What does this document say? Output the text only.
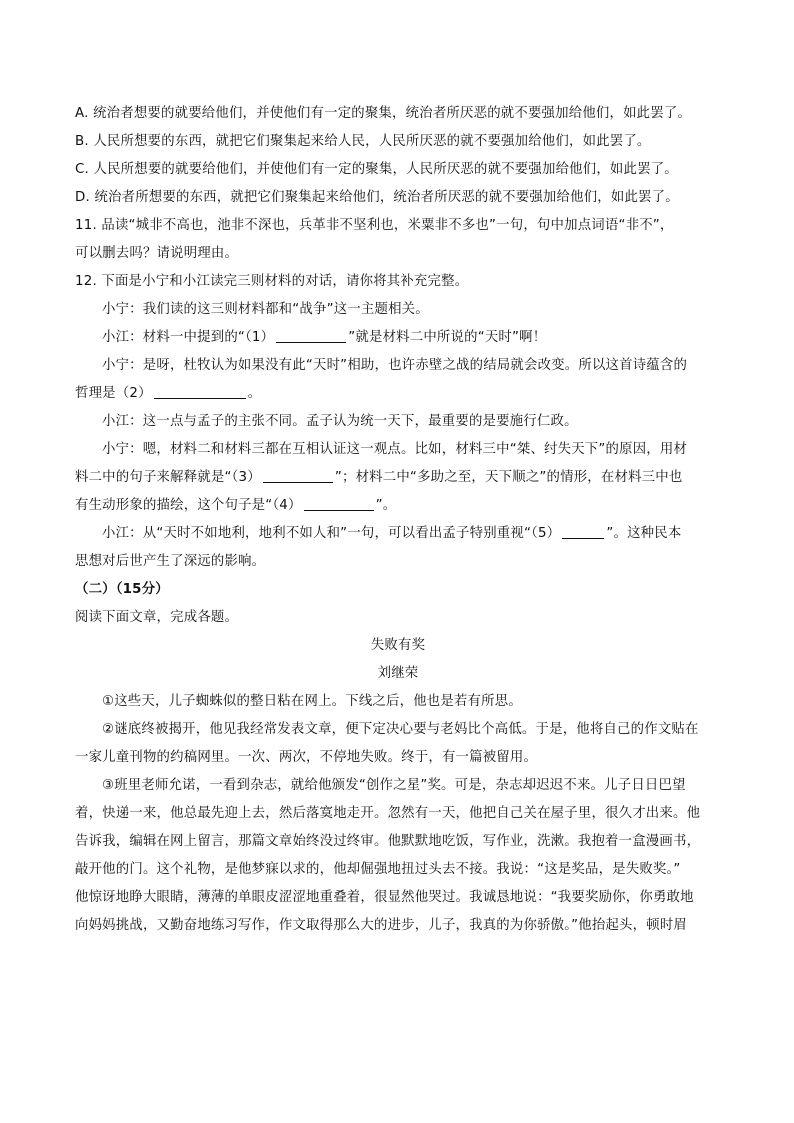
A. 统治者想要的就要给他们，并使他们有一定的聚集，统治者所厌恶的就不要强加给他们，如此罢了。
B. 人民所想要的东西，就把它们聚集起来给人民，人民所厌恶的就不要强加给他们，如此罢了。
C. 人民所想要的就要给他们，并使他们有一定的聚集，人民所厌恶的就不要强加给他们，如此罢了。
D. 统治者所想要的东西，就把它们聚集起来给他们，统治者所厌恶的就不要强加给他们，如此罢了。
11. 品读“城非不高也，池非不深也，兵革非不坚利也，米粟非不多也”一句，句中加点词语“非不”，
可以删去吗？请说明理由。
12. 下面是小宁和小江读完三则材料的对话，请你将其补充完整。
小宁：我们读的这三则材料都和“战争”这一主题相关。
小江：材料一中提到的“（1）	”就是材料二中所说的“天时”啊！
小宁：是呀，杜牧认为如果没有此“天时”相助，也许赤壁之战的结局就会改变。所以这首诗蕴含的
哲理是（2）	。
小江：这一点与孟子的主张不同。孟子认为统一天下，最重要的是要施行仁政。
小宁：嗯，材料二和材料三都在互相认证这一观点。比如，材料三中“桀、纣失天下”的原因，用材
料二中的句子来解释就是“（3）	”；材料二中“多助之至，天下顺之”的情形，在材料三中也
有生动形象的描绘，这个句子是“（4）	”。
小江：从“天时不如地利，地利不如人和”一句，可以看出孟子特别重视“（5）	”。这种民本
思想对后世产生了深远的影响。
（二）（15分）
阅读下面文章，完成各题。
失败有奖
刘继荣
①这些天，儿子蜘蛛似的整日粘在网上。下线之后，他也是若有所思。
②谜底终被揭开，他见我经常发表文章，便下定决心要与老妈比个高低。于是，他将自己的作文贴在
一家儿童刊物的约稿网里。一次、两次，不停地失败。终于，有一篇被留用。
③班里老师允诺，一看到杂志，就给他颁发“创作之星”奖。可是，杂志却迟迟不来。儿子日日巴望
着，快递一来，他总最先迎上去，然后落寞地走开。忽然有一天，他把自己关在屋子里，很久才出来。他
告诉我，编辑在网上留言，那篇文章始终没过终审。他默默地吃饭，写作业，洗漱。我抱着一盒漫画书，
敲开他的门。这个礼物，是他梦寐以求的，他却倔强地扭过头去不接。我说：“这是奖品，是失败奖。”
他惊讶地睁大眼睛，薄薄的单眼皮涩涩地重叠着，很显然他哭过。我诚恳地说：“我要奖励你，你勇敢地
向妈妈挑战，又勤奋地练习写作，作文取得那么大的进步，儿子，我真的为你骄傲。”他抬起头，顿时眉
